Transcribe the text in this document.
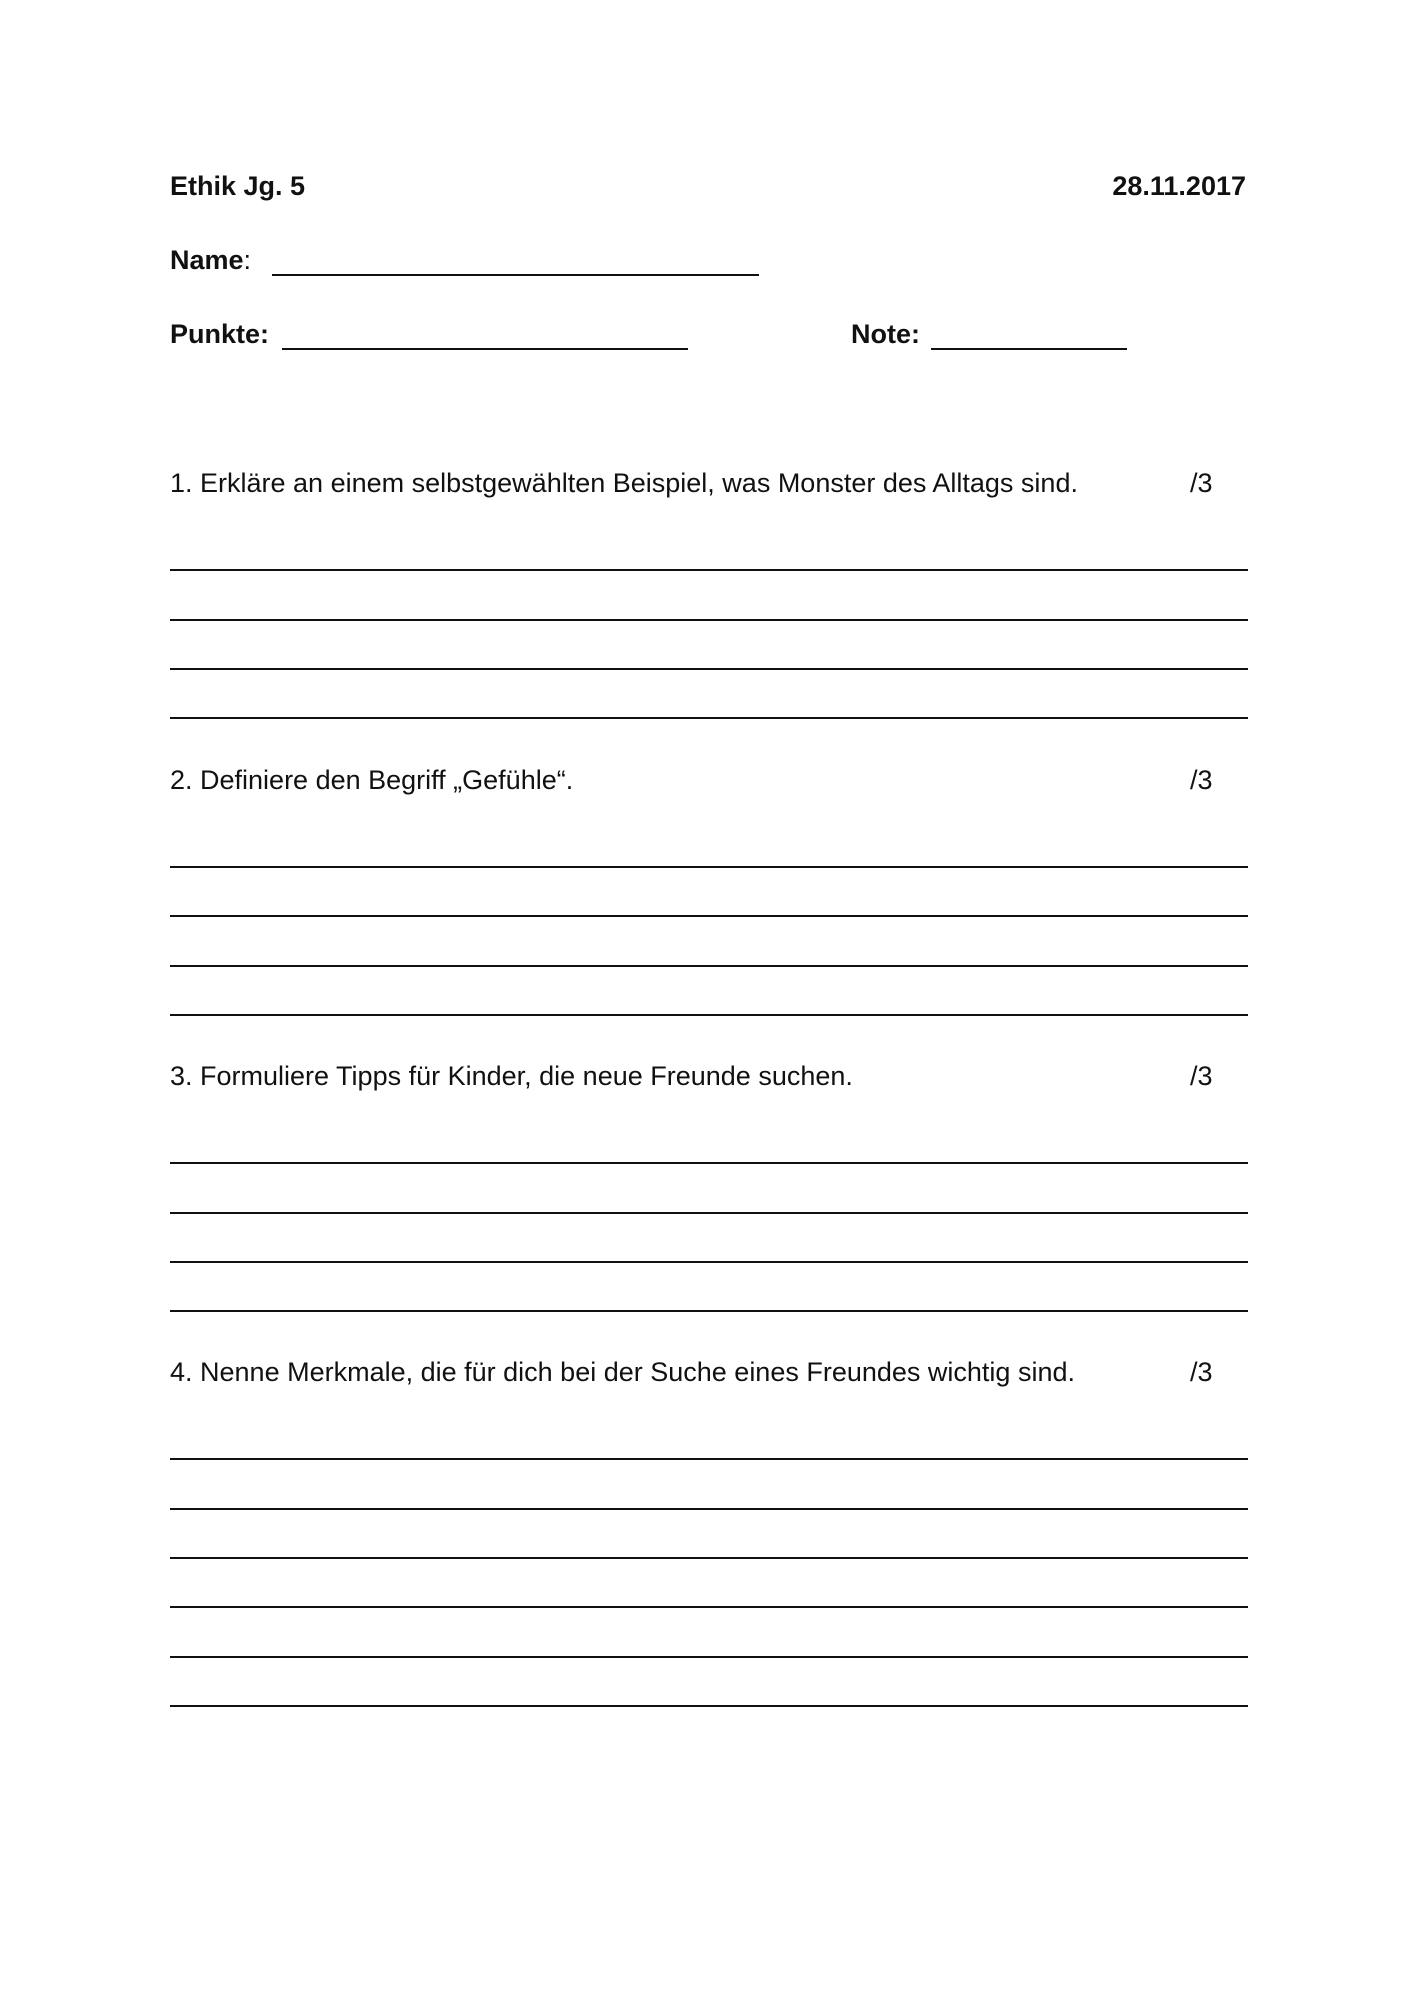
Ethik Jg. 5	28.11.2017
Name:
Punkte:	Note:
1. Erkläre an einem selbstgewählten Beispiel, was Monster des Alltags sind.	/3
2. Definiere den Begriff „Gefühle“.	/3
3. Formuliere Tipps für Kinder, die neue Freunde suchen.	/3
4. Nenne Merkmale, die für dich bei der Suche eines Freundes wichtig sind.	/3
